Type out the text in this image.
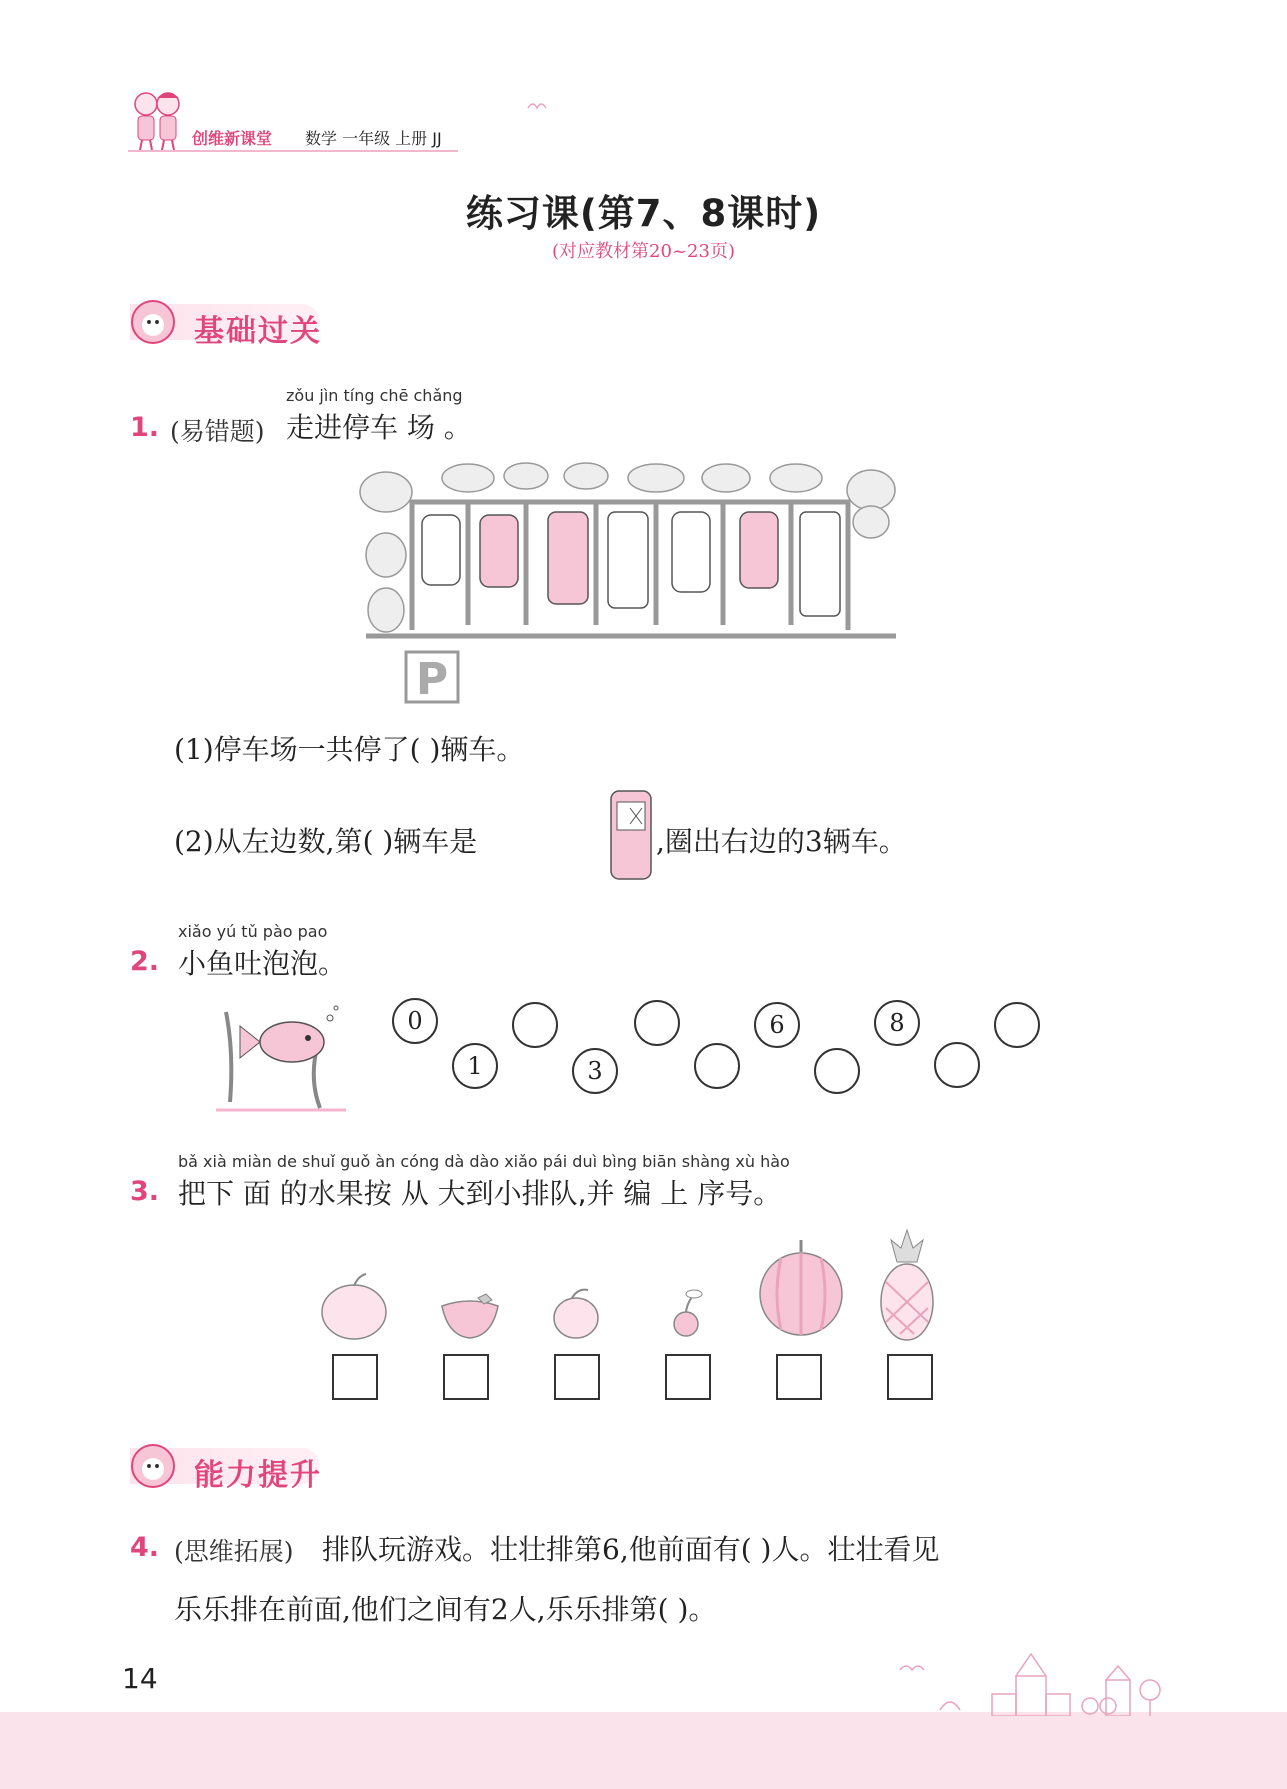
创维新课堂 数学 一年级 上册 JJ
练习课(第7、8课时)
(对应教材第20~23页)
基础过关
zǒu jìn tíng chē chǎng
1. (易错题) 走进停车 场 。
P
(1)停车场一共停了( )辆车。
(2)从左边数,第( )辆车是	,圈出右边的3辆车。
xiǎo yú tǔ pào pao
2. 小鱼吐泡泡。
0
1	3
6	8
bǎ xià miàn de shuǐ guǒ àn cóng dà dào xiǎo pái duì bìng biān shàng xù hào
3. 把下 面 的水果按 从 大到小排队,并 编 上 序号。
能力提升
4. (思维拓展) 排队玩游戏。壮壮排第6,他前面有( )人。壮壮看见
乐乐排在前面,他们之间有2人,乐乐排第( )。
14
